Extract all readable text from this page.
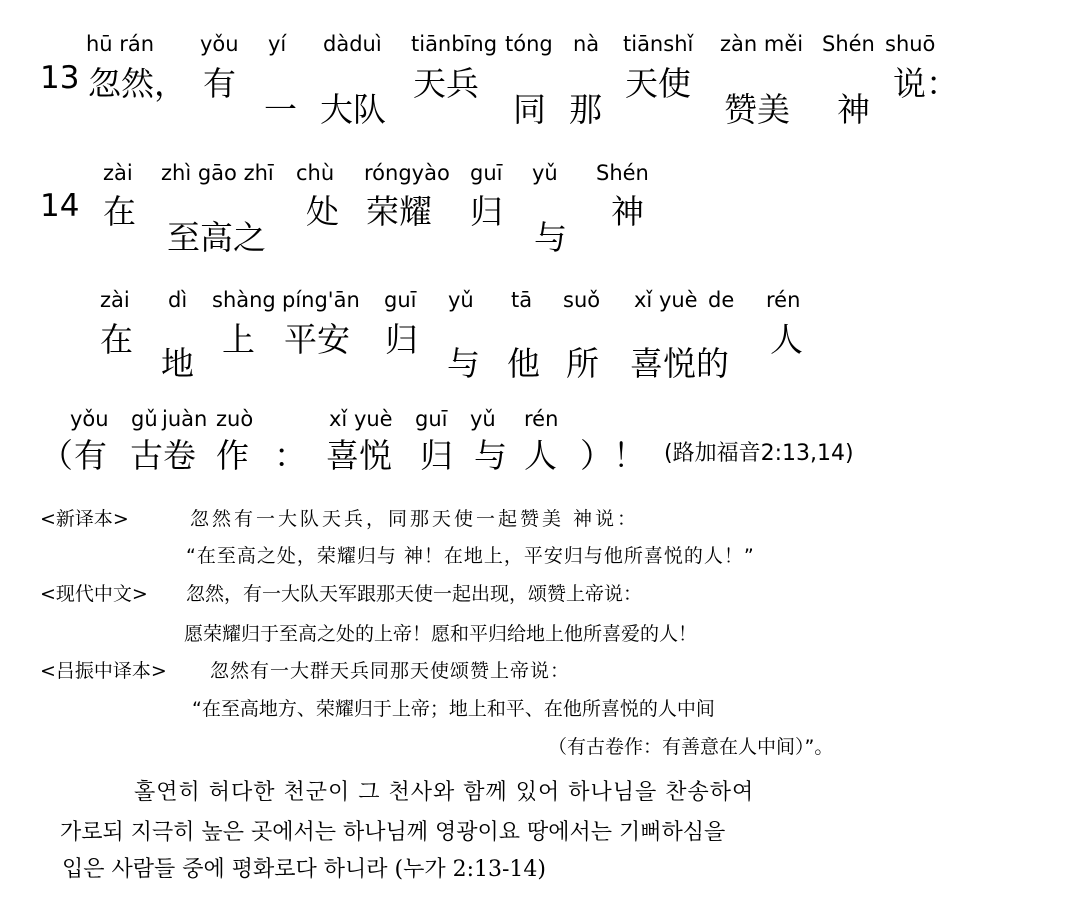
hū rán yǒu yí dàduì tiānbīng tóng nà tiānshǐ zàn měi Shén shuō
13 忽然， 有
一 大队
天兵
同 那
天使
赞美 神
说：
zài zhì gāo zhī chù róngyào guī yǔ Shén
14 在
至高之
处 荣耀 归
与
神
zài dì shàng píng'ān guī yǔ tā suǒ xǐ yuè de rén
在
地
上 平安 归
与 他 所 喜悦的
人
yǒu gǔ juàn zuò	xǐ yuè guī yǔ rén
（ 有 古 卷 作 ： 喜悦 归 与 人 ）！ (路加福音2:13,14)
<新译本>	忽然有一大队天兵，同那天使一起赞美 神说：
“在至高之处，荣耀归与 神！在地上，平安归与他所喜悦的人！”
<现代中文> 忽然，有一大队天军跟那天使一起出现，颂赞上帝说：
愿荣耀归于至高之处的上帝！愿和平归给地上他所喜爱的人！
<吕振中译本> 忽然有一大群天兵同那天使颂赞上帝说：
“在至高地方、荣耀归于上帝；地上和平、在他所喜悦的人中间
（有古卷作：有善意在人中间）”。
홀연히 허다한 천군이 그 천사와 함께 있어 하나님을 찬송하여
가로되 지극히 높은 곳에서는 하나님께 영광이요 땅에서는 기뻐하심을
입은 사람들 중에 평화로다 하니라 (누가 2:13-14)
